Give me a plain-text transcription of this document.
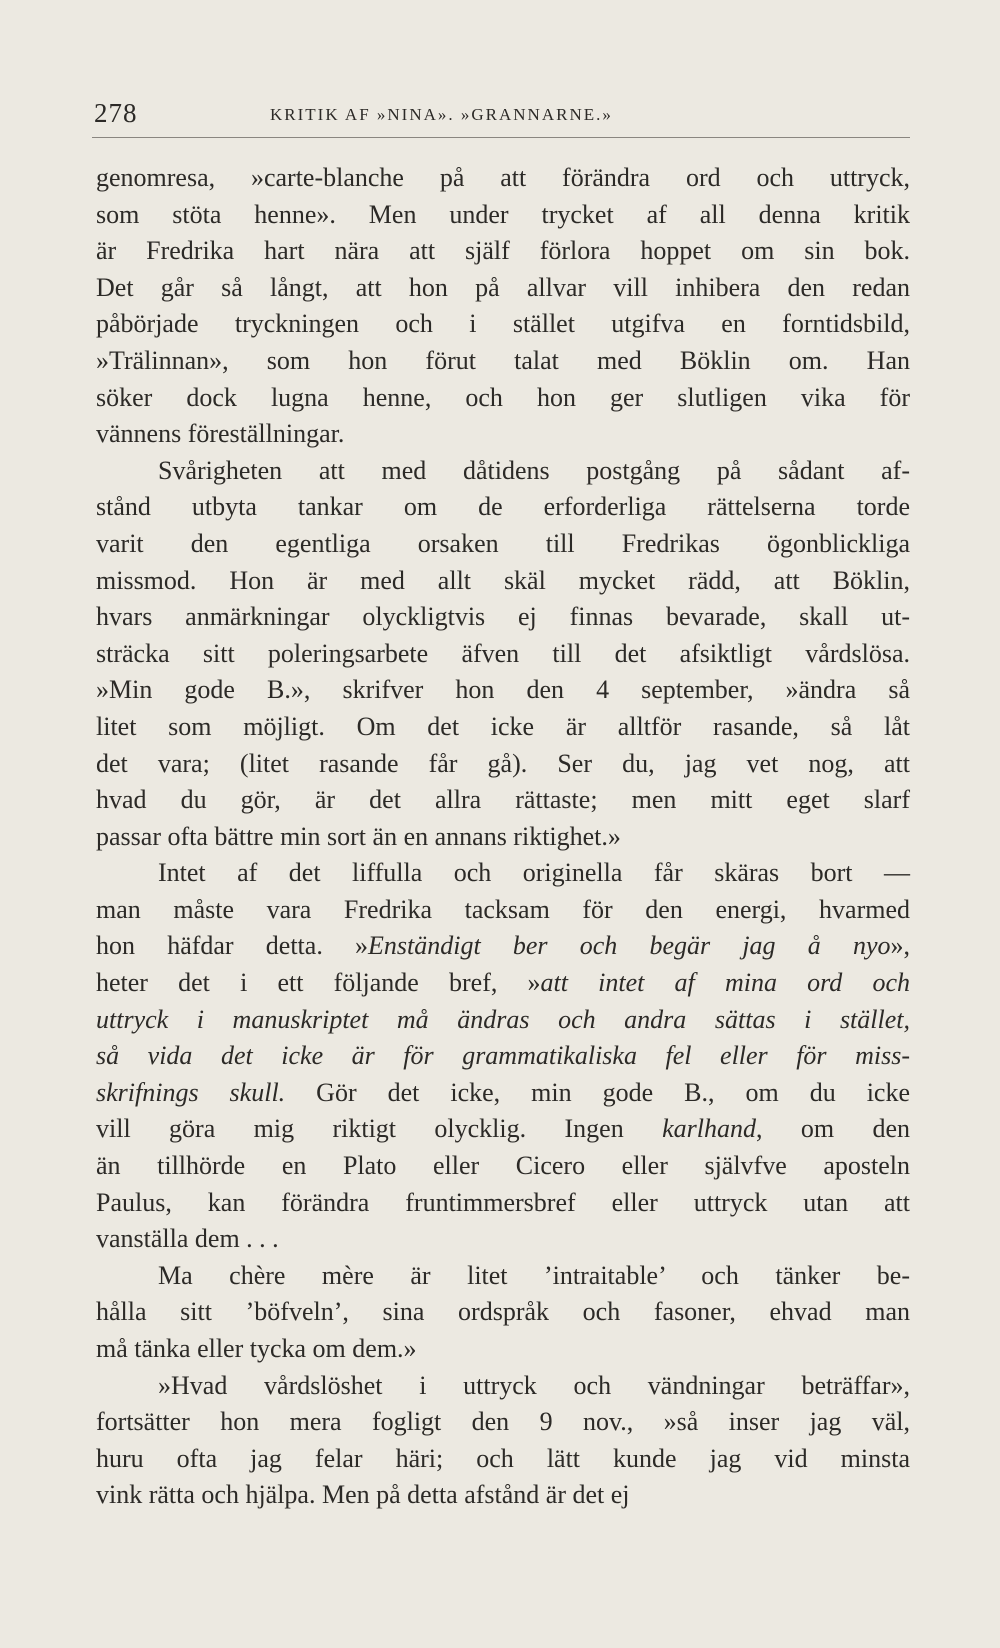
278	KRITIK AF »NINA». »GRANNARNE.»
genomresa, »carte-blanche på att förändra ord och uttryck,
som stöta henne». Men under trycket af all denna kritik
är Fredrika hart nära att själf förlora hoppet om sin bok.
Det går så långt, att hon på allvar vill inhibera den redan
påbörjade tryckningen och i stället utgifva en forntidsbild,
»Trälinnan», som hon förut talat med Böklin om. Han
söker dock lugna henne, och hon ger slutligen vika för
vännens föreställningar.
Svårigheten att med dåtidens postgång på sådant af-
stånd utbyta tankar om de erforderliga rättelserna torde
varit den egentliga orsaken till Fredrikas ögonblickliga
missmod. Hon är med allt skäl mycket rädd, att Böklin,
hvars anmärkningar olyckligtvis ej finnas bevarade, skall ut-
sträcka sitt poleringsarbete äfven till det afsiktligt vårdslösa.
»Min gode B.», skrifver hon den 4 september, »ändra så
litet som möjligt. Om det icke är alltför rasande, så låt
det vara; (litet rasande får gå). Ser du, jag vet nog, att
hvad du gör, är det allra rättaste; men mitt eget slarf
passar ofta bättre min sort än en annans riktighet.»
Intet af det liffulla och originella får skäras bort —
man måste vara Fredrika tacksam för den energi, hvarmed
hon häfdar detta. »Enständigt ber och begär jag å nyo»,
heter det i ett följande bref, »att intet af mina ord och
uttryck i manuskriptet må ändras och andra sättas i stället,
så vida det icke är för grammatikaliska fel eller för miss-
skrifnings skull. Gör det icke, min gode B., om du icke
vill göra mig riktigt olycklig. Ingen karlhand, om den
än tillhörde en Plato eller Cicero eller självfve aposteln
Paulus, kan förändra fruntimmersbref eller uttryck utan att
vanställa dem . . .
Ma chère mère är litet ’intraitable’ och tänker be-
hålla sitt ’böfveln’, sina ordspråk och fasoner, ehvad man
må tänka eller tycka om dem.»
»Hvad vårdslöshet i uttryck och vändningar beträffar»,
fortsätter hon mera fogligt den 9 nov., »så inser jag väl,
huru ofta jag felar häri; och lätt kunde jag vid minsta
vink rätta och hjälpa. Men på detta afstånd är det ej
